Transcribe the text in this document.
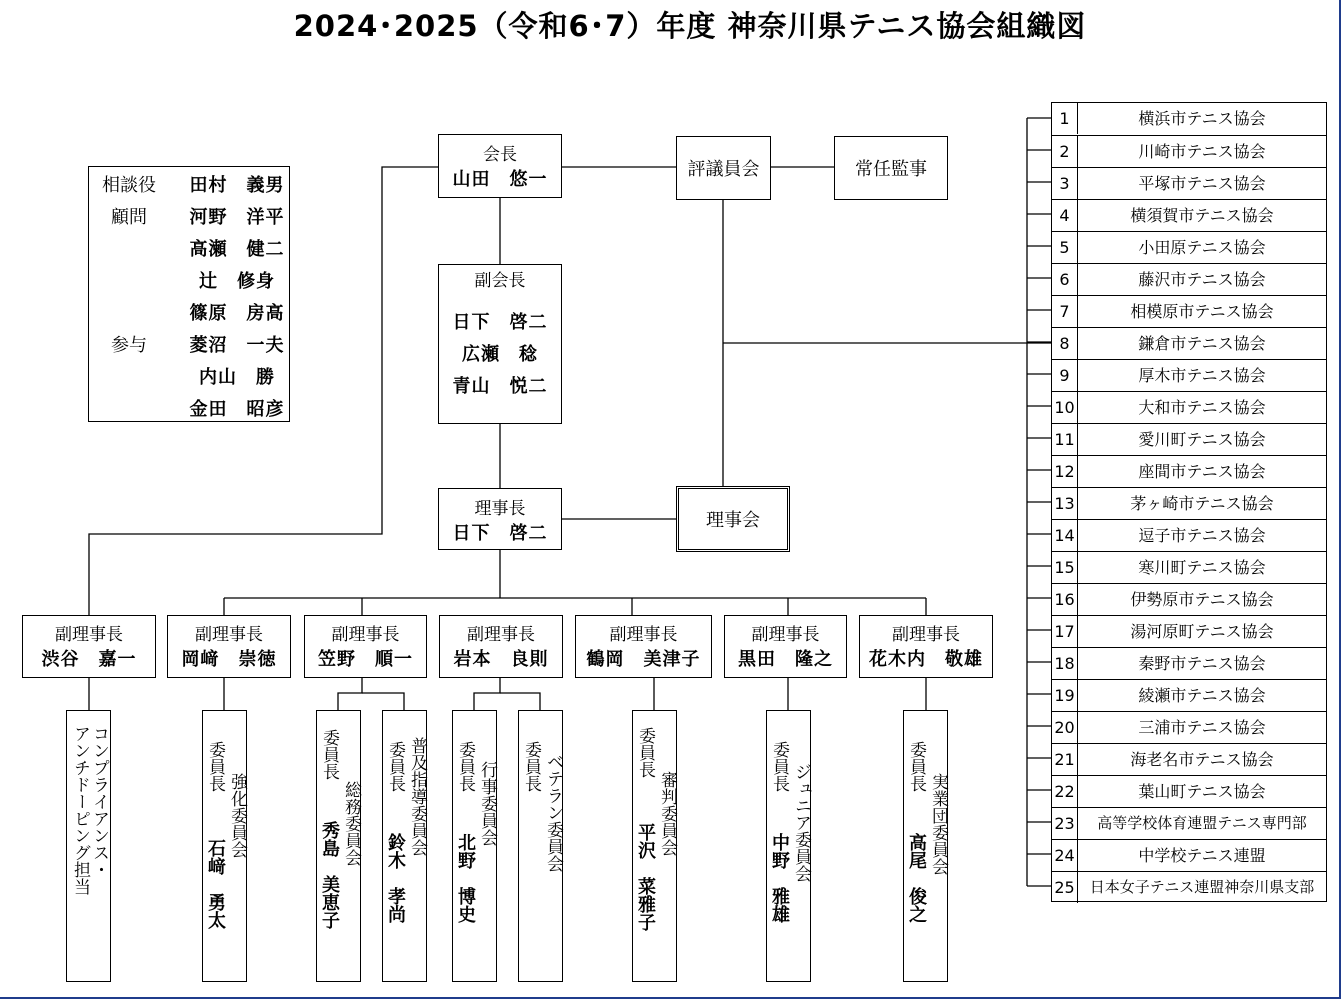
2024･2025（令和6･7）年度 神奈川県テニス協会組織図
会長
山田　悠一	評議員会	常任監事
副会長
日下　啓二
広瀬　稔
青山　悦二
理事長
日下　啓二
理事会
相談役	田村　義男
顧問	河野　洋平
高瀬　健二
辻　修身
篠原　房高
参与	菱沼　一夫
内山　勝
金田　昭彦
副理事長
渋谷　嘉一
副理事長
岡﨑　崇徳
副理事長
笠野　順一
副理事長
岩本　良則
副理事長
鶴岡　美津子
副理事長
黒田　隆之
副理事長
花木内　敬雄
コンプライアンス・
アンチドーピング担当	強化委員会
委員長
石﨑　勇太
総務委員会
委員長
秀島　美恵子
普及指導委員会
委員長
鈴木　孝尚
行事委員会
委員長
北野　博史
ベテラン委員会
委員長
審判委員会
委員長
平沢　菜雅子	ジュニア委員会
委員長
中野　雅雄
実業団委員会
委員長
高尾　俊之
1	横浜市テニス協会
2	川崎市テニス協会
3	平塚市テニス協会
4	横須賀市テニス協会
5	小田原テニス協会
6	藤沢市テニス協会
7	相模原市テニス協会
8	鎌倉市テニス協会
9	厚木市テニス協会
10	大和市テニス協会
11	愛川町テニス協会
12	座間市テニス協会
13	茅ヶ崎市テニス協会
14	逗子市テニス協会
15	寒川町テニス協会
16	伊勢原市テニス協会
17	湯河原町テニス協会
18	秦野市テニス協会
19	綾瀬市テニス協会
20	三浦市テニス協会
21	海老名市テニス協会
22	葉山町テニス協会
23	高等学校体育連盟テニス専門部
24	中学校テニス連盟
25	日本女子テニス連盟神奈川県支部
